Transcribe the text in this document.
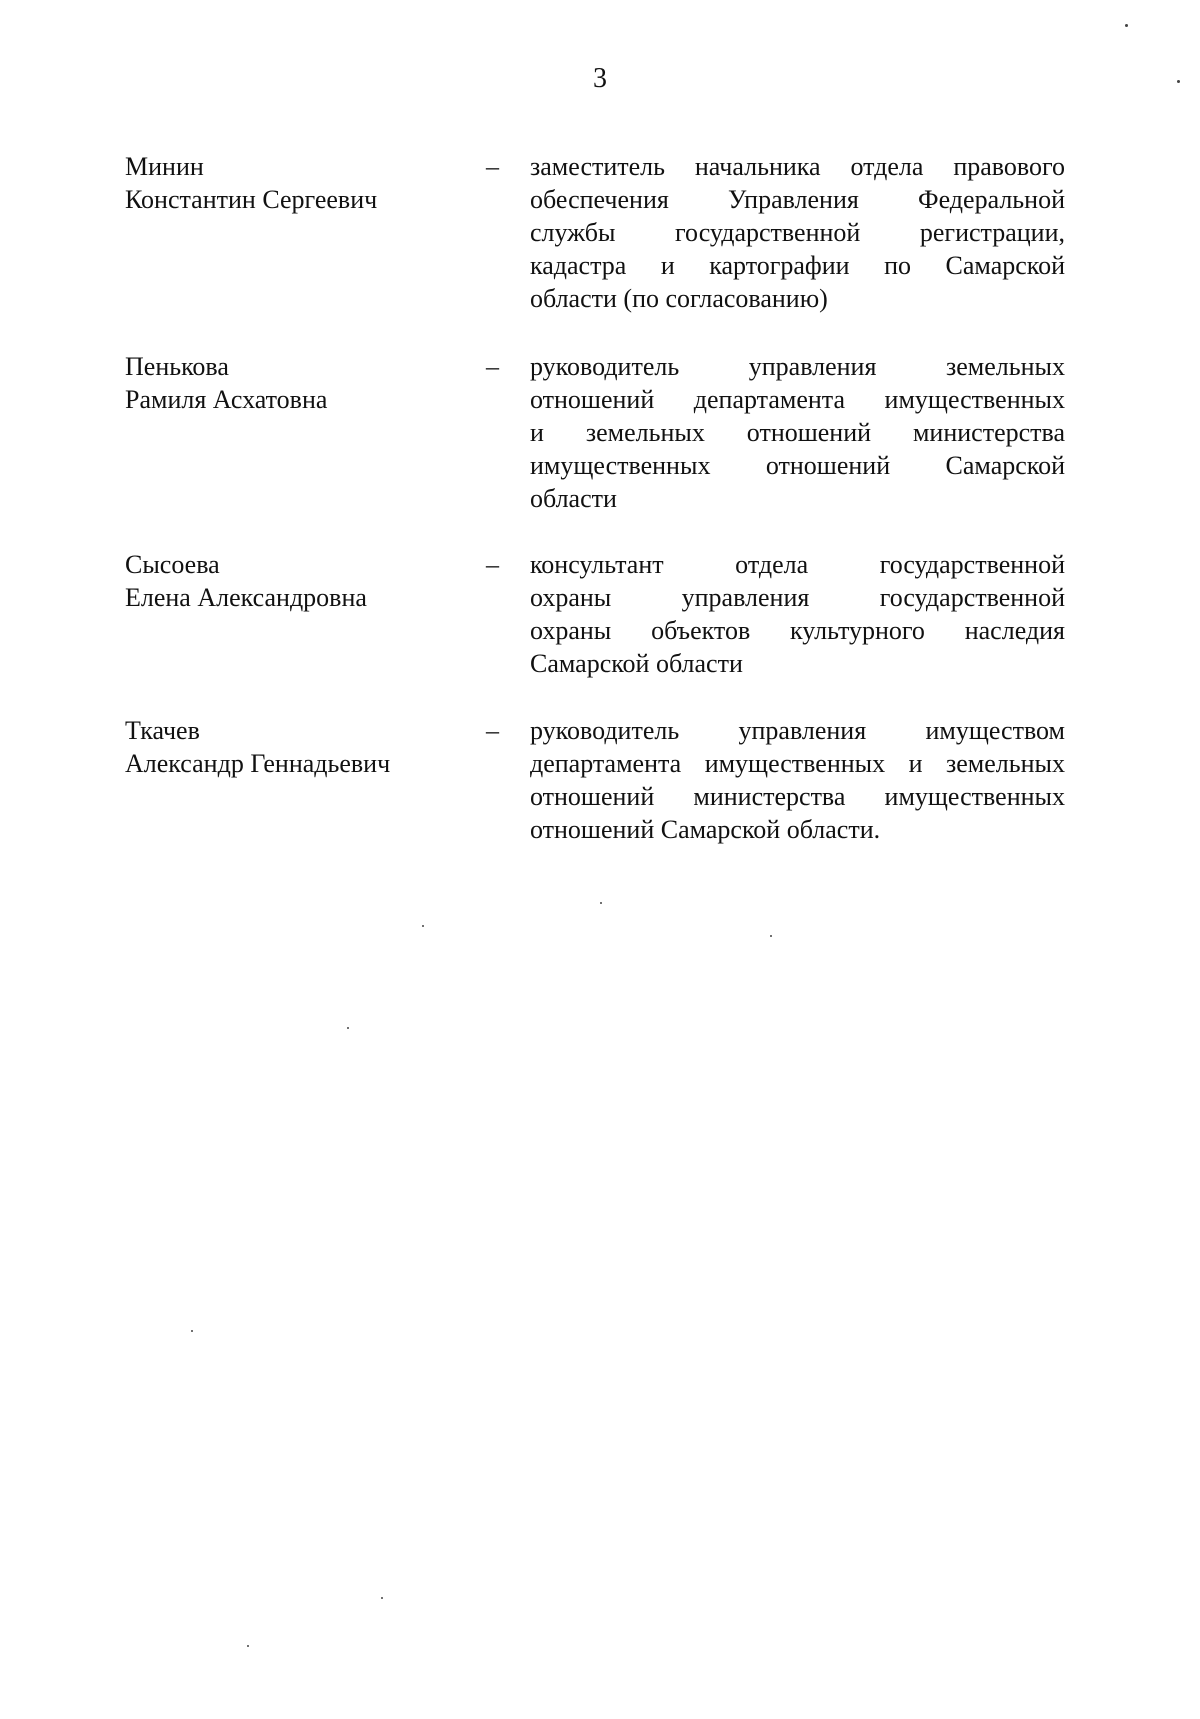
3
Минин
Константин Сергеевич
– заместитель начальника отдела правового
обеспечения Управления Федеральной
службы государственной регистрации,
кадастра и картографии по Самарской
области (по согласованию)
Пенькова
Рамиля Асхатовна
– руководитель управления земельных
отношений департамента имущественных
и земельных отношений министерства
имущественных отношений Самарской
области
Сысоева
Елена Александровна
– консультант отдела государственной
охраны управления государственной
охраны объектов культурного наследия
Самарской области
Ткачев
Александр Геннадьевич
– руководитель управления имуществом
департамента имущественных и земельных
отношений министерства имущественных
отношений Самарской области.
